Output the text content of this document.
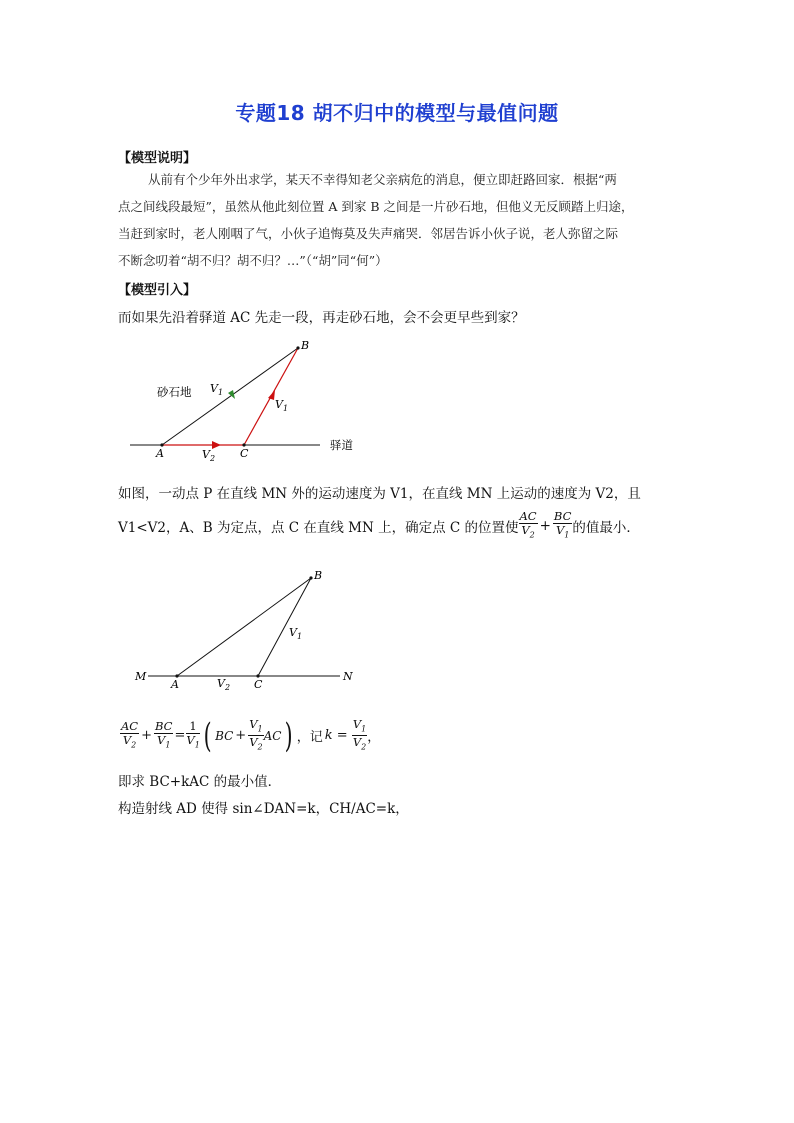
专题18 胡不归中的模型与最值问题
【模型说明】
从前有个少年外出求学，某天不幸得知老父亲病危的消息，便立即赶路回家．根据“两
点之间线段最短”，虽然从他此刻位置 A 到家 B 之间是一片砂石地，但他义无反顾踏上归途，
当赶到家时，老人刚咽了气，小伙子追悔莫及失声痛哭．邻居告诉小伙子说，老人弥留之际
不断念叨着“胡不归？胡不归？…”（“胡”同“何”）
【模型引入】
而如果先沿着驿道 AC 先走一段，再走砂石地，会不会更早些到家？
B
A	C
砂石地
驿道
$V_1$
$V_1$
$V_2$
如图，一动点 P 在直线 MN 外的运动速度为 V1，在直线 MN 上运动的速度为 V2，且
V1<V2，A、B 为定点，点 C 在直线 MN 上，确定点 C 的位置使 $\frac{AC}{V_2} + \frac{BC}{V_1}$ 的值最小．
M
A	C
N
B
$V_1$
$V_2$
$\frac{AC}{V_2} + \frac{BC}{V_1} = \frac{1}{V_1}$ ( BC + $\frac{V_1}{V_2}$ AC ) ，记 $k = \frac{V_1}{V_2}$ ，
即求 BC+kAC 的最小值．
构造射线 AD 使得 sin∠DAN=k，CH/AC=k，
